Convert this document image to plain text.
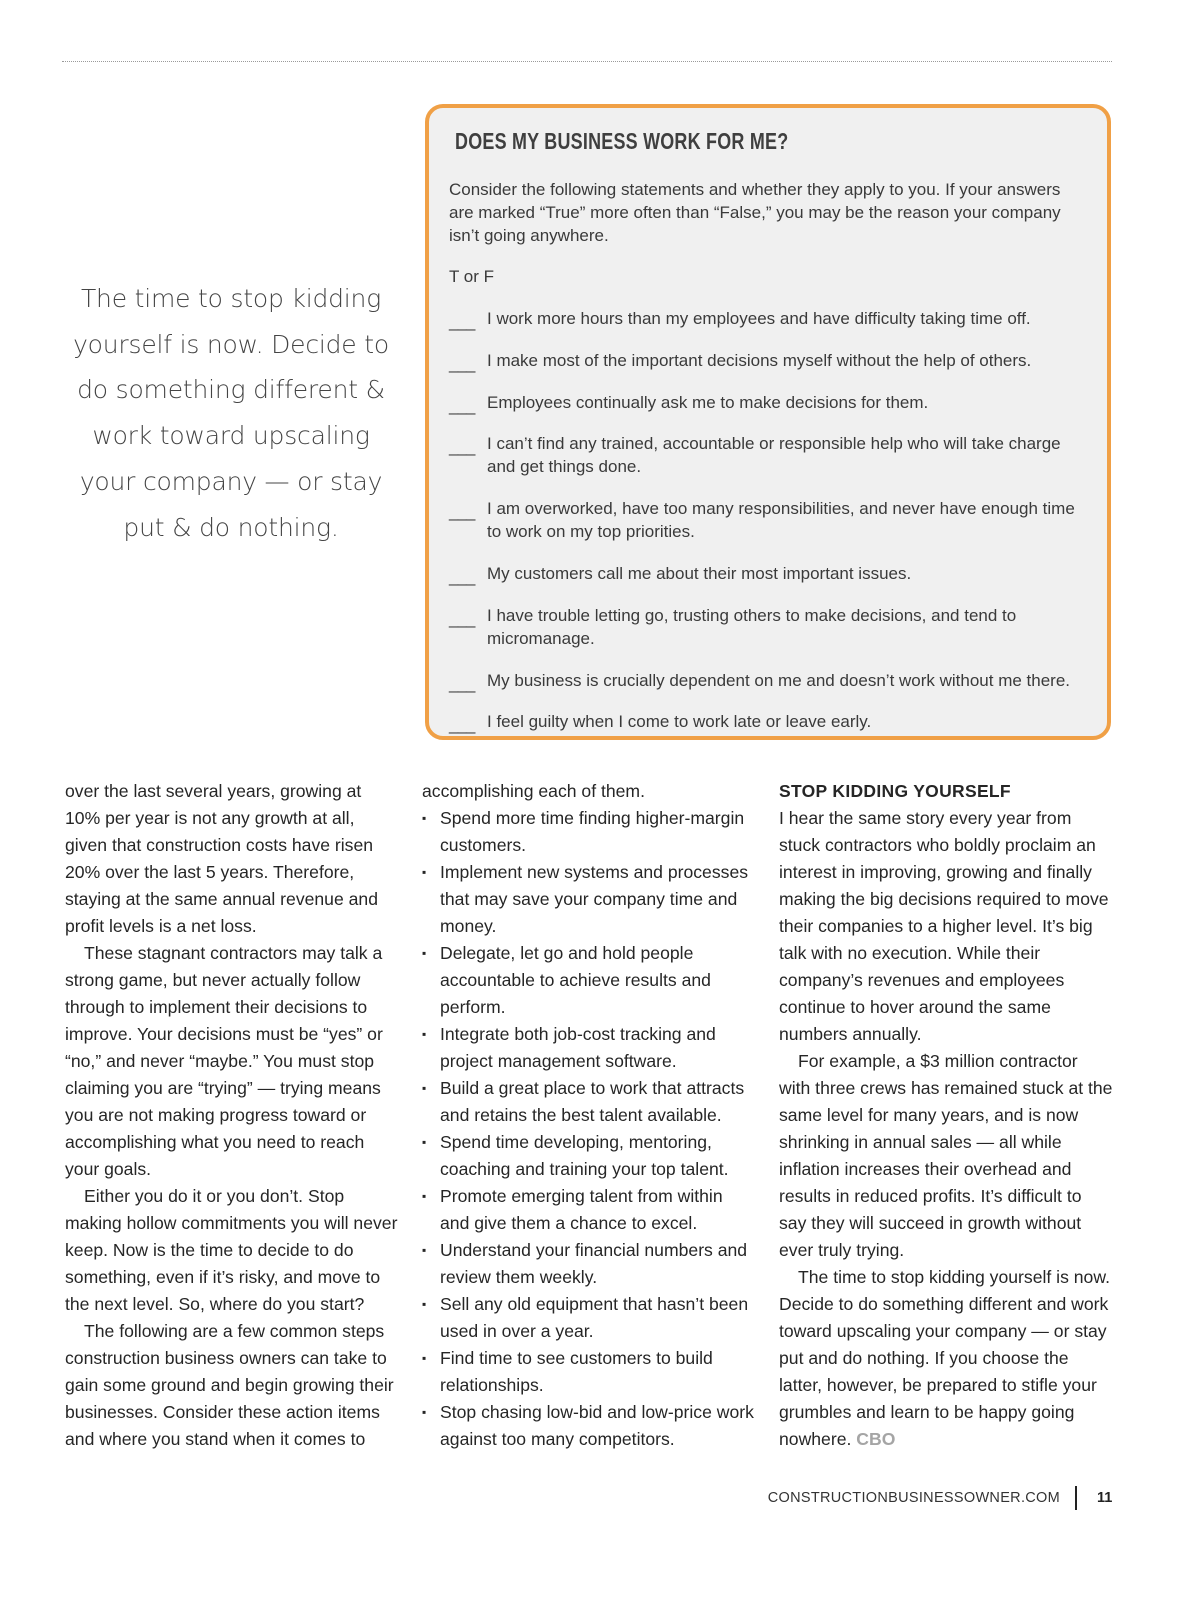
The time to stop kidding yourself is now. Decide to do something different & work toward upscaling your company — or stay put & do nothing.
DOES MY BUSINESS WORK FOR ME?
Consider the following statements and whether they apply to you. If your answers are marked “True” more often than “False,” you may be the reason your company isn’t going anywhere.
T or F
___ I work more hours than my employees and have difficulty taking time off.
___ I make most of the important decisions myself without the help of others.
___ Employees continually ask me to make decisions for them.
___ I can’t find any trained, accountable or responsible help who will take charge and get things done.
___ I am overworked, have too many responsibilities, and never have enough time to work on my top priorities.
___ My customers call me about their most important issues.
___ I have trouble letting go, trusting others to make decisions, and tend to micromanage.
___ My business is crucially dependent on me and doesn’t work without me there.
___ I feel guilty when I come to work late or leave early.

over the last several years, growing at 10% per year is not any growth at all, given that construction costs have risen 20% over the last 5 years. Therefore, staying at the same annual revenue and profit levels is a net loss.

These stagnant contractors may talk a strong game, but never actually follow through to implement their decisions to improve. Your decisions must be “yes” or “no,” and never “maybe.” You must stop claiming you are “trying” — trying means you are not making progress toward or accomplishing what you need to reach your goals.

Either you do it or you don’t. Stop making hollow commitments you will never keep. Now is the time to decide to do something, even if it’s risky, and move to the next level. So, where do you start?

The following are a few common steps construction business owners can take to gain some ground and begin growing their businesses. Consider these action items and where you stand when it comes to

accomplishing each of them.

▪ Spend more time finding higher-margin customers.
▪ Implement new systems and processes that may save your company time and money.
▪ Delegate, let go and hold people accountable to achieve results and perform.
▪ Integrate both job-cost tracking and project management software.
▪ Build a great place to work that attracts and retains the best talent available.
▪ Spend time developing, mentoring, coaching and training your top talent.
▪ Promote emerging talent from within and give them a chance to excel.
▪ Understand your financial numbers and review them weekly.
▪ Sell any old equipment that hasn’t been used in over a year.
▪ Find time to see customers to build relationships.
▪ Stop chasing low-bid and low-price work against too many competitors.
STOP KIDDING YOURSELF

I hear the same story every year from stuck contractors who boldly proclaim an interest in improving, growing and finally making the big decisions required to move their companies to a higher level. It’s big talk with no execution. While their company’s revenues and employees continue to hover around the same numbers annually.

For example, a $3 million contractor with three crews has remained stuck at the same level for many years, and is now shrinking in annual sales — all while inflation increases their overhead and results in reduced profits. It’s difficult to say they will succeed in growth without ever truly trying.

The time to stop kidding yourself is now. Decide to do something different and work toward upscaling your company — or stay put and do nothing. If you choose the latter, however, be prepared to stifle your grumbles and learn to be happy going nowhere. CBO

CONSTRUCTIONBUSINESSOWNER.COM	11
